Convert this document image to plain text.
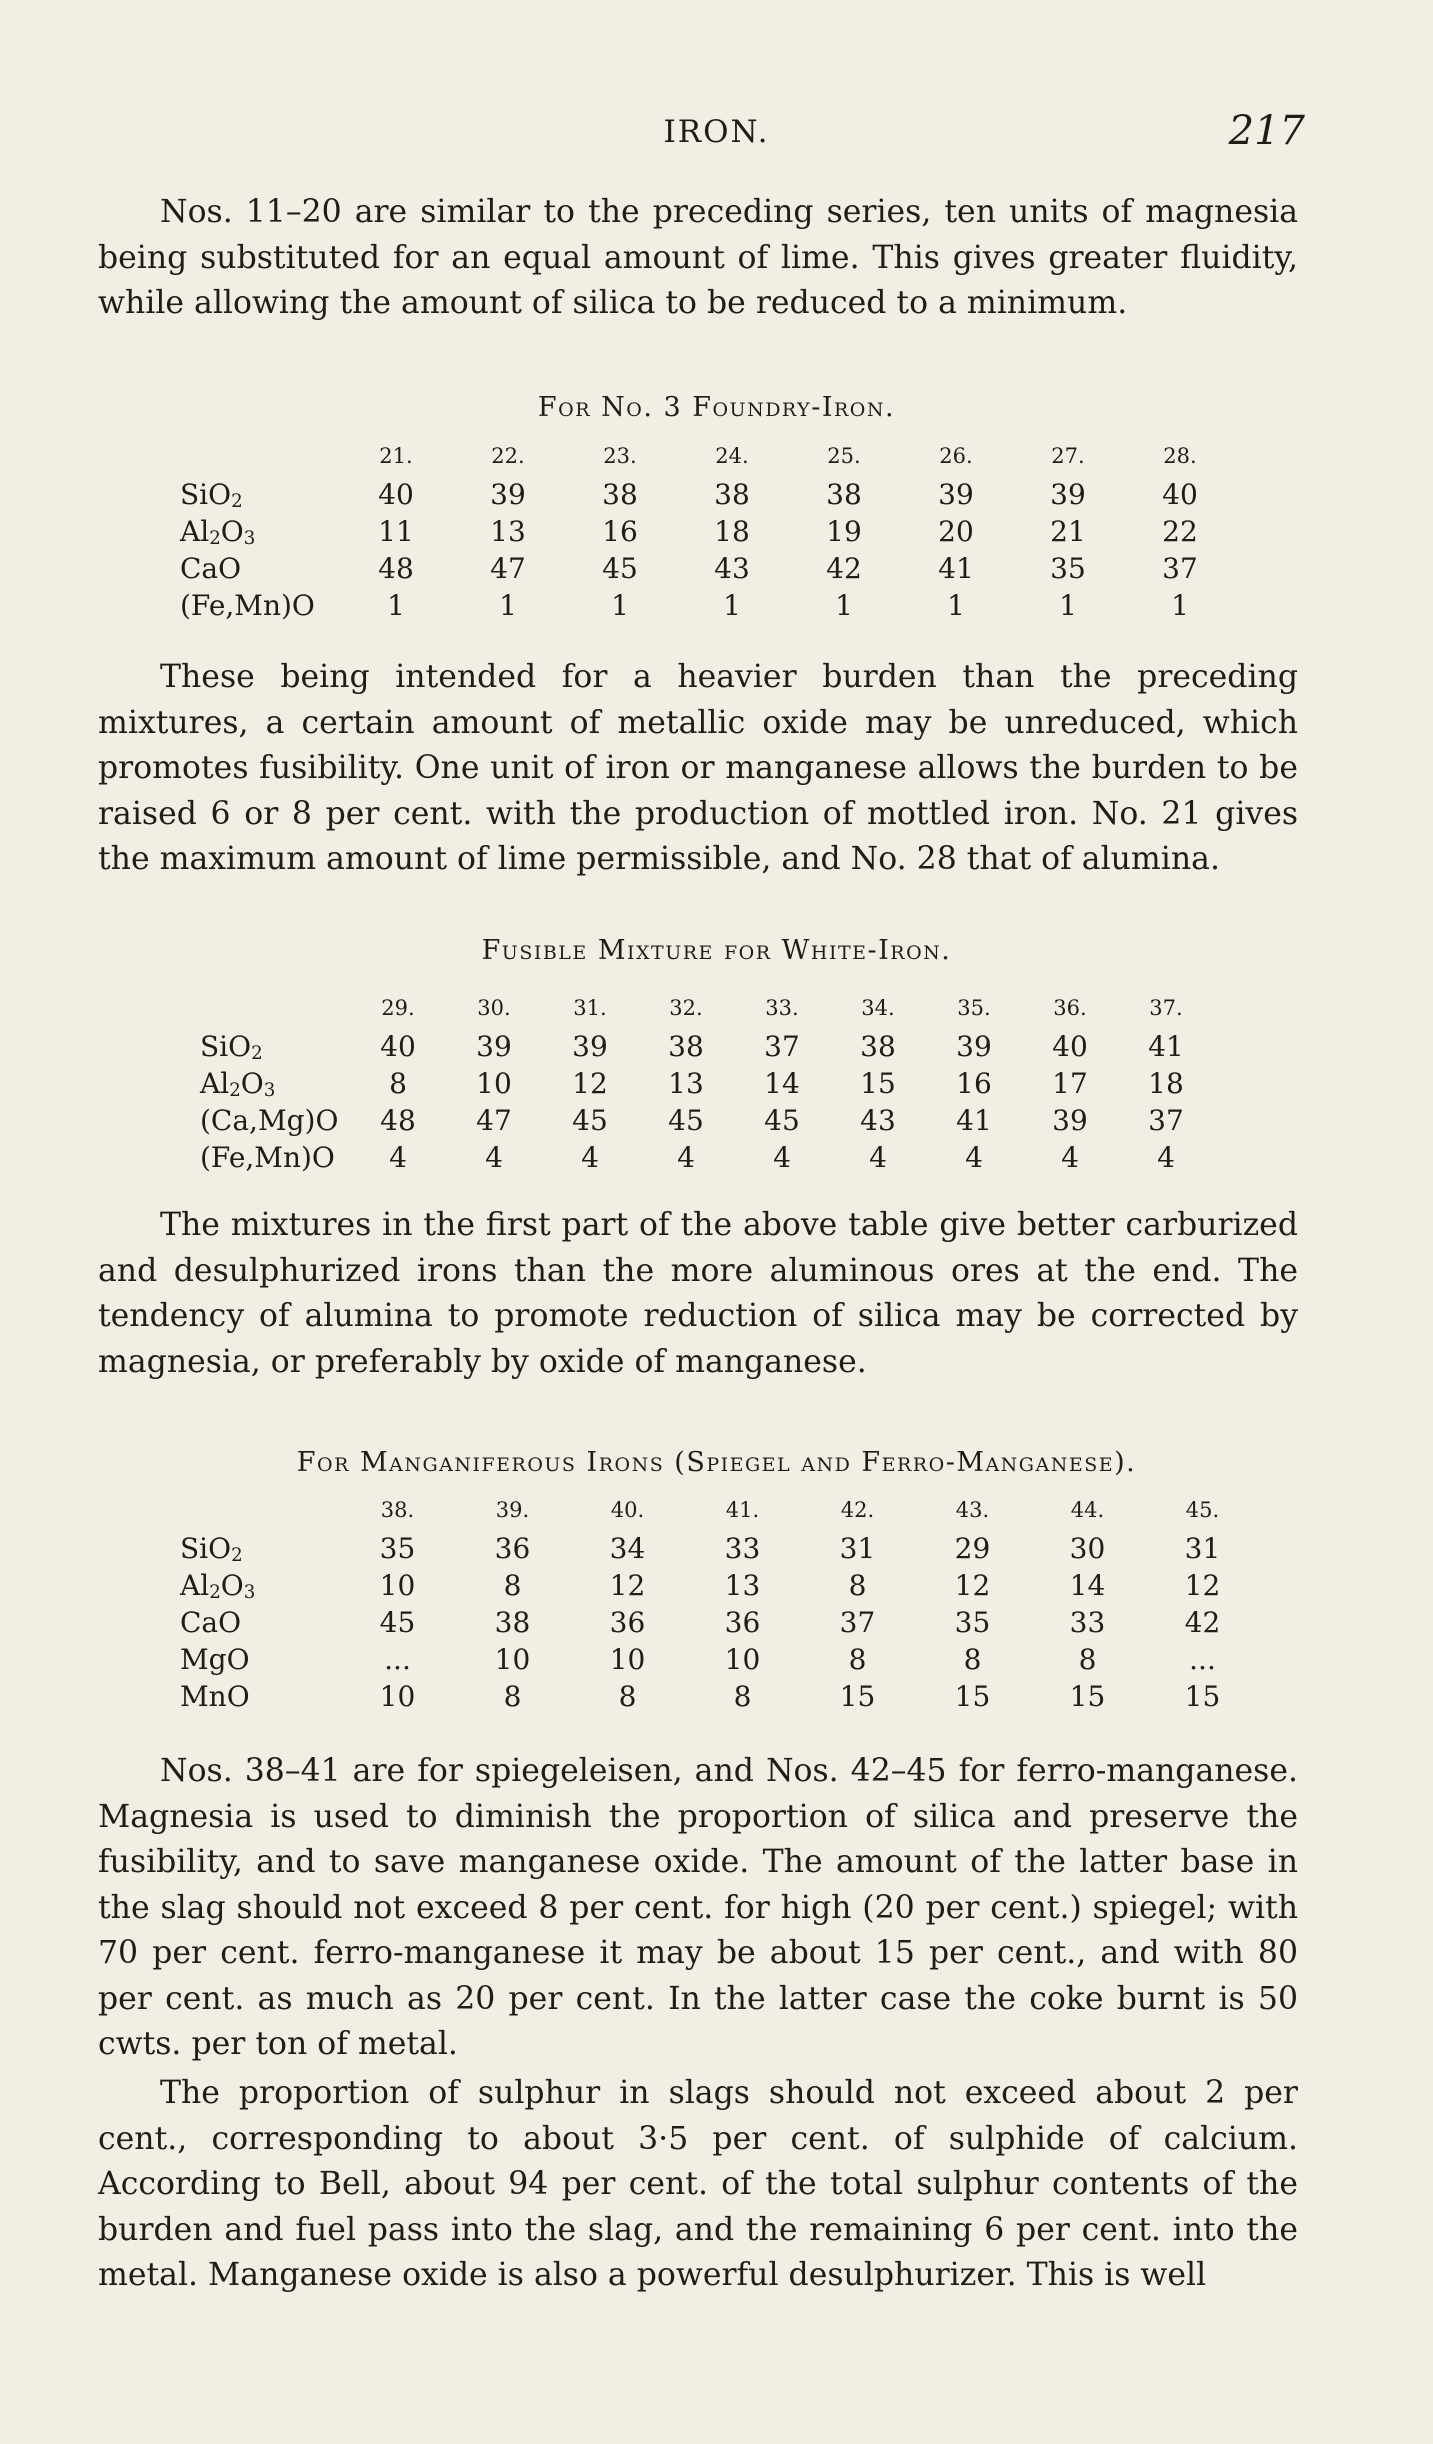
IRON.	217

Nos. 11–20 are similar to the preceding series, ten units of magnesia being substituted for an equal amount of lime. This gives greater fluidity, while allowing the amount of silica to be reduced to a minimum.

For No. 3 Foundry-Iron.
	21.	22.	23.	24.	25.	26.	27.	28.
SiO$_2$	40	39	38	38	38	39	39	40
$Al_2O_3$	11	13	16	18	19	20	21	22
CaO	48	47	45	43	42	41	35	37
(Fe,Mn)O	1	1	1	1	1	1	1	1

These being intended for a heavier burden than the preceding mixtures, a certain amount of metallic oxide may be unreduced, which promotes fusibility. One unit of iron or manganese allows the burden to be raised 6 or 8 per cent. with the production of mottled iron. No. 21 gives the maximum amount of lime permissible, and No. 28 that of alumina.

Fusible Mixture for White-Iron.
	29.	30.	31.	32.	33.	34.	35.	36.	37.
SiO$_2$	40	39	39	38	37	38	39	40	41
$Al_2O_3$	8	10	12	13	14	15	16	17	18
(Ca,Mg)O	48	47	45	45	45	43	41	39	37
(Fe,Mn)O	4	4	4	4	4	4	4	4	4

The mixtures in the first part of the above table give better carburized and desulphurized irons than the more aluminous ores at the end. The tendency of alumina to promote reduction of silica may be corrected by magnesia, or preferably by oxide of manganese.

For Manganiferous Irons (Spiegel and Ferro-Manganese).
	38.	39.	40.	41.	42.	43.	44.	45.
SiO$_2$	35	36	34	33	31	29	30	31
$Al_2O_3$	10	8	12	13	8	12	14	12
CaO	45	38	36	36	37	35	33	42
MgO	...	10	10	10	8	8	8	...
MnO	10	8	8	8	15	15	15	15

Nos. 38–41 are for spiegeleisen, and Nos. 42–45 for ferro-manganese. Magnesia is used to diminish the proportion of silica and preserve the fusibility, and to save manganese oxide. The amount of the latter base in the slag should not exceed 8 per cent. for high (20 per cent.) spiegel; with 70 per cent. ferro-manganese it may be about 15 per cent., and with 80 per cent. as much as 20 per cent. In the latter case the coke burnt is 50 cwts. per ton of metal.

The proportion of sulphur in slags should not exceed about 2 per cent., corresponding to about 3·5 per cent. of sulphide of calcium. According to Bell, about 94 per cent. of the total sulphur contents of the burden and fuel pass into the slag, and the remaining 6 per cent. into the metal. Manganese oxide is also a powerful desulphurizer. This is well
